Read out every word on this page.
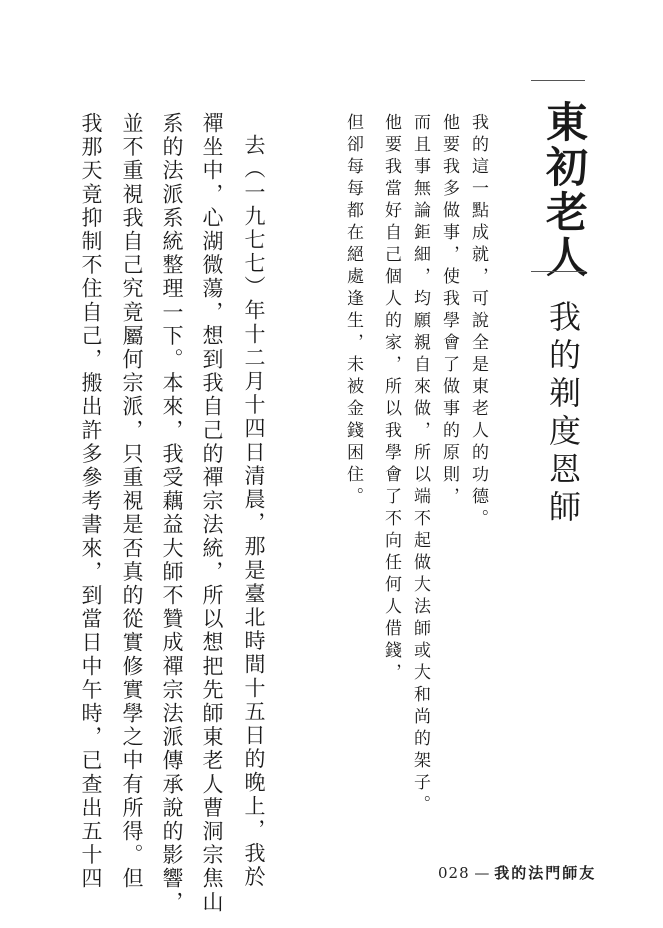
東初老人
我的剃度恩師
我的這一點成就，可說全是東老人的功德。
他要我多做事，使我學會了做事的原則，
而且事無論鉅細，均願親自來做，所以端不起做大法師或大和尚的架子。
他要我當好自己個人的家，所以我學會了不向任何人借錢，
但卻每每都在絕處逢生，未被金錢困住。
去（一九七七）年十二月十四日清晨，那是臺北時間十五日的晚上，我於
禪坐中，心湖微蕩，想到我自己的禪宗法統，所以想把先師東老人曹洞宗焦山
系的法派系統整理一下。本來，我受藕益大師不贊成禪宗法派傳承說的影響，
並不重視我自己究竟屬何宗派，只重視是否真的從實修實學之中有所得。但
我那天竟抑制不住自己，搬出許多參考書來，到當日中午時，已查出五十四	028 — 我的法門師友
